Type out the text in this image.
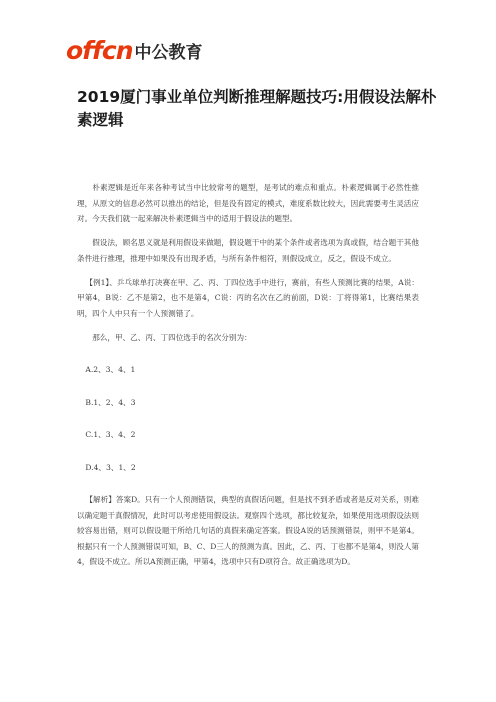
offcn 中公教育
2019厦门事业单位判断推理解题技巧:用假设法解朴素逻辑

朴素逻辑是近年来各种考试当中比较常考的题型，是考试的难点和重点。朴素逻辑属于必然性推理，从原文的信息必然可以推出的结论，但是没有固定的模式，难度系数比较大，因此需要考生灵活应对。今天我们就一起来解决朴素逻辑当中的适用于假设法的题型。

假设法，顾名思义就是利用假设来做题，假设题干中的某个条件或者选项为真或假，结合题干其他条件进行推理，推理中如果没有出现矛盾，与所有条件相符，则假设成立，反之，假设不成立。

【例1】、乒乓球单打决赛在甲、乙、丙、丁四位选手中进行，赛前，有些人预测比赛的结果，A说：甲第4，B说：乙不是第2，也不是第4，C说：丙的名次在乙的前面，D说：丁将得第1，比赛结果表明，四个人中只有一个人预测错了。

那么，甲、乙、丙、丁四位选手的名次分别为：

A.2、3、4、1

B.1、2、4、3

C.1、3、4、2

D.4、3、1、2

【解析】答案D。只有一个人预测错误，典型的真假话问题，但是找不到矛盾或者是反对关系，则难以确定题干真假情况，此时可以考虑使用假设法。观察四个选项，都比较复杂，如果使用选项假设法则较容易出错，则可以假设题干所给几句话的真假来确定答案。假设A说的话预测错误，则甲不是第4。根据只有一个人预测错误可知，B、C、D三人的预测为真。因此，乙、丙、丁也都不是第4，则没人第4，假设不成立。所以A预测正确，甲第4，选项中只有D项符合。故正确选项为D。
